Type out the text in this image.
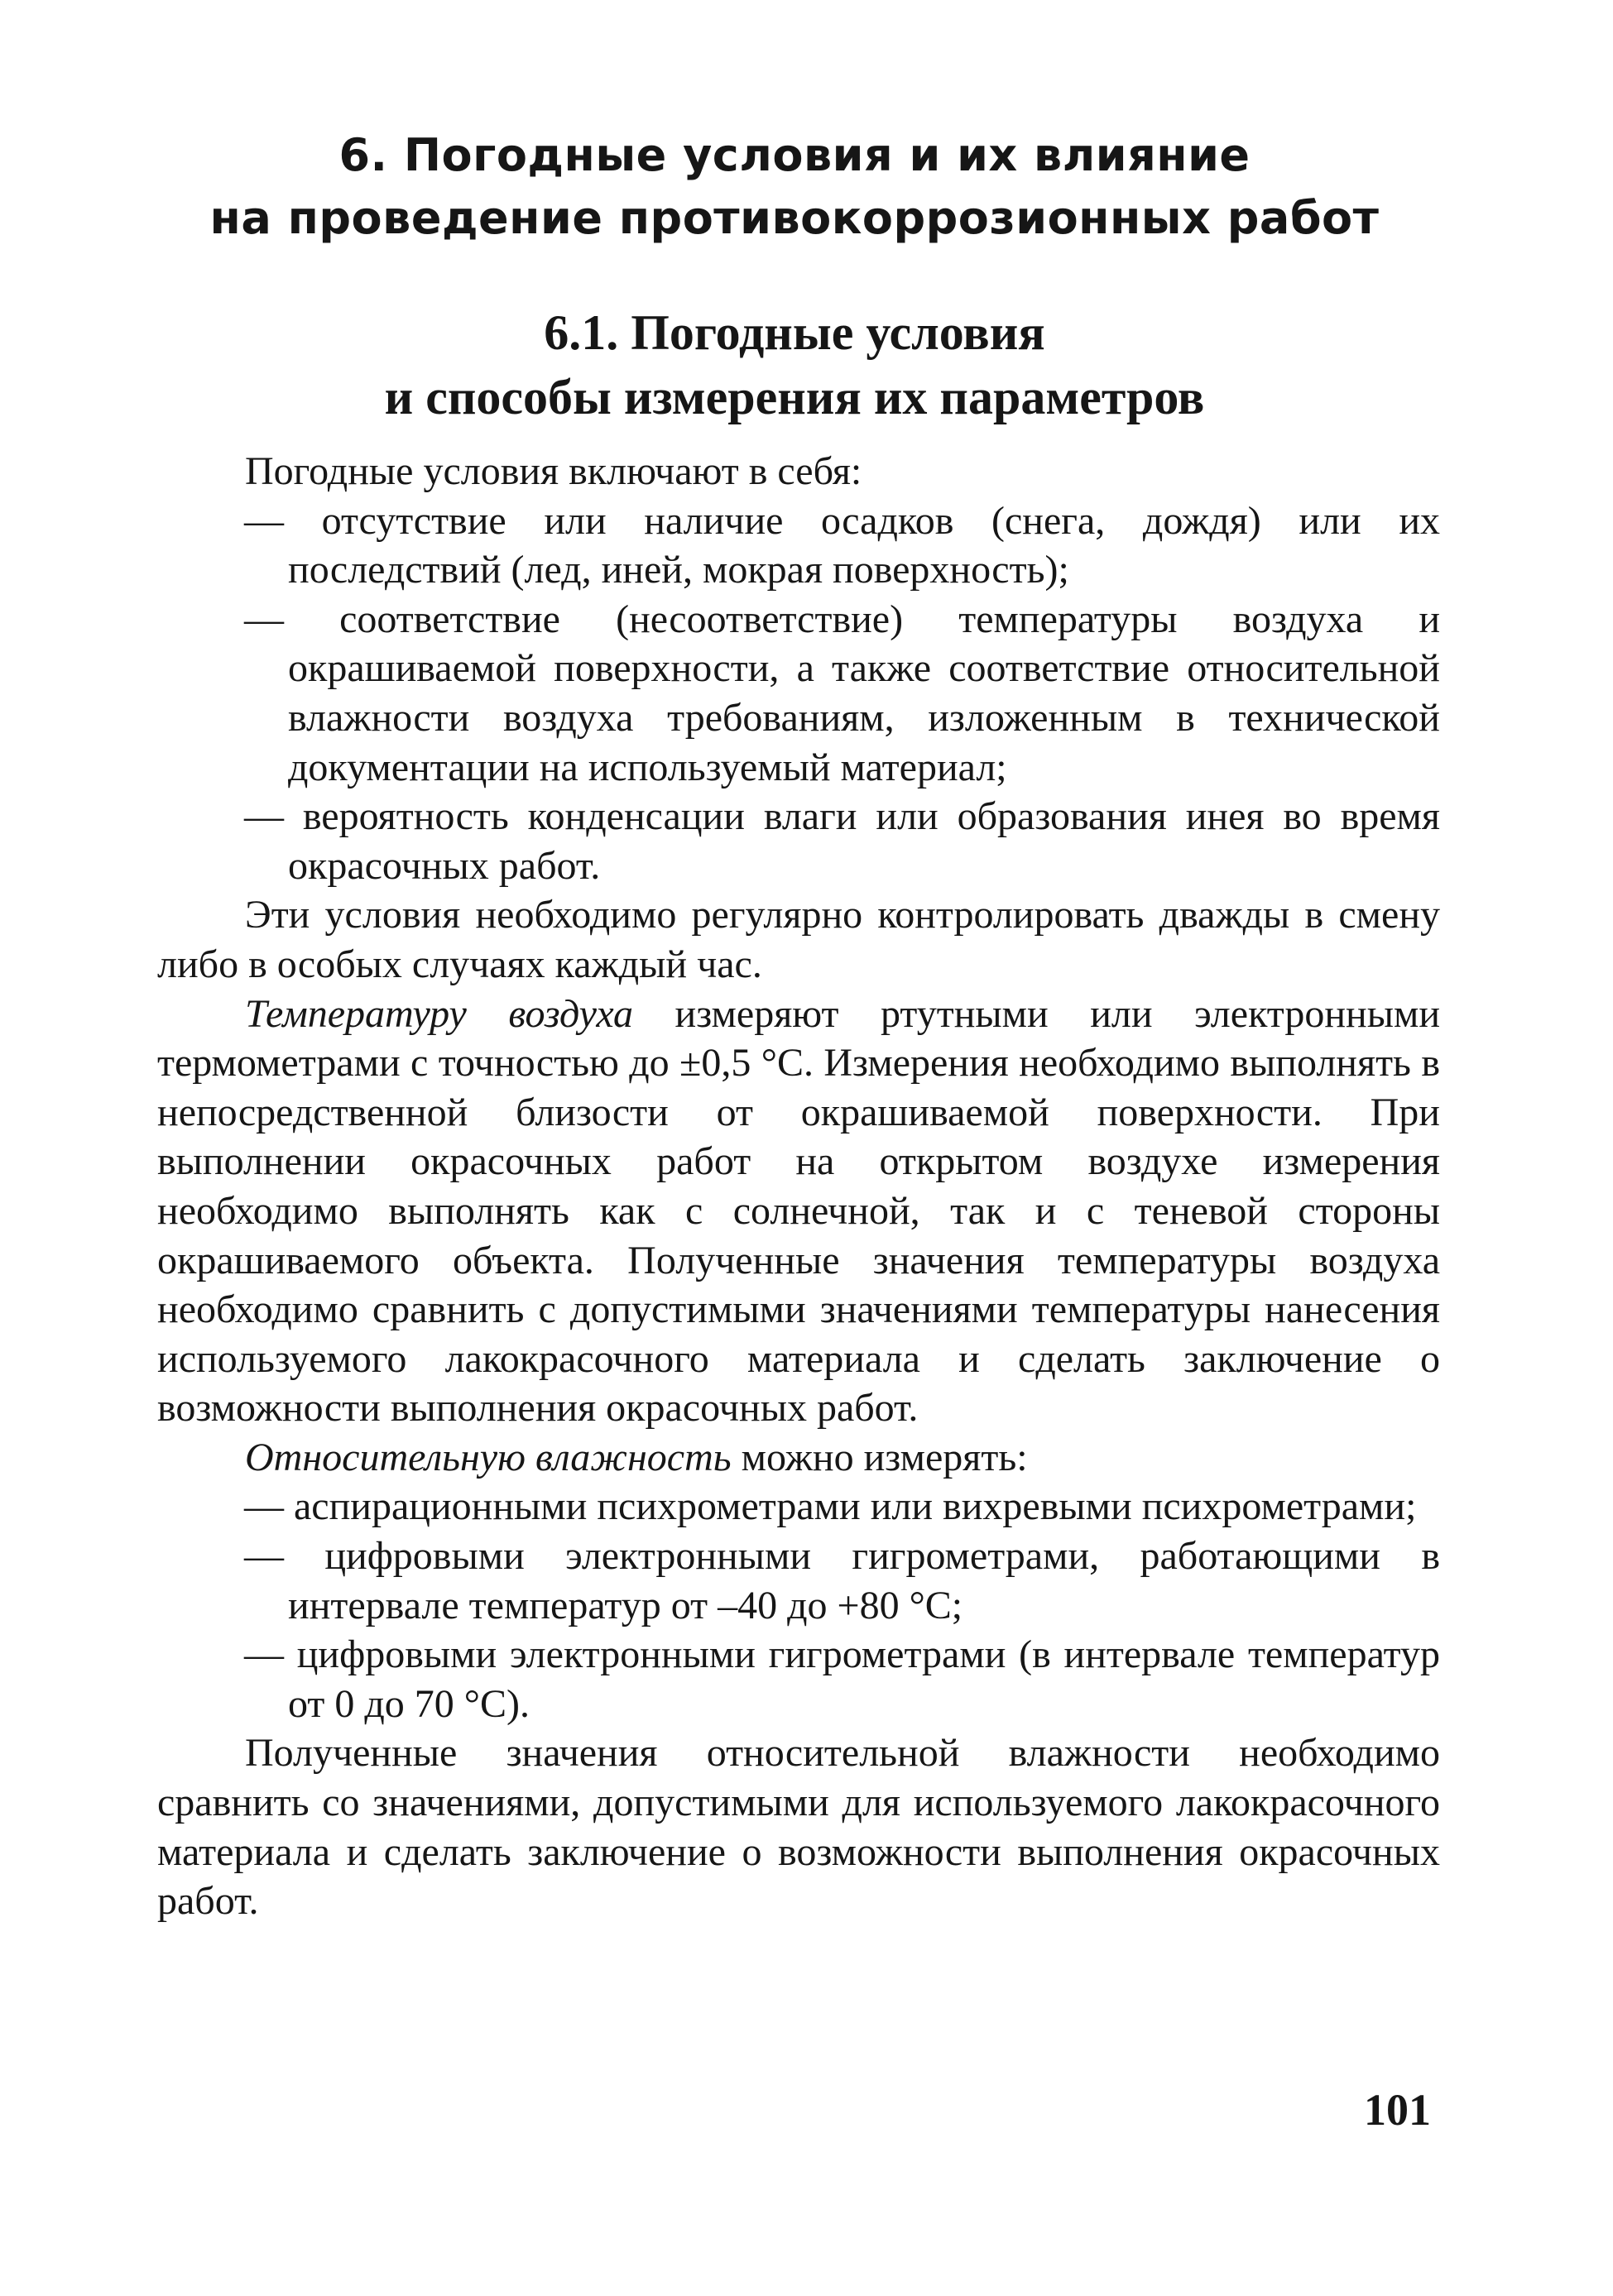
6. Погодные условия и их влияние
на проведение противокоррозионных работ
6.1. Погодные условия
и способы измерения их параметров

Погодные условия включают в себя:

— отсутствие или наличие осадков (снега, дождя) или их последствий (лед, иней, мокрая поверхность);

— соответствие (несоответствие) температуры воздуха и окрашиваемой поверхности, а также соответствие относительной влажности воздуха требованиям, изложенным в технической документации на используемый материал;

— вероятность конденсации влаги или образования инея во время окрасочных работ.

Эти условия необходимо регулярно контролировать дважды в смену либо в особых случаях каждый час.

Температуру воздуха измеряют ртутными или электронными термометрами с точностью до ±0,5 °С. Измерения необходимо выполнять в непосредственной близости от окрашиваемой поверхности. При выполнении окрасочных работ на открытом воздухе измерения необходимо выполнять как с солнечной, так и с теневой стороны окрашиваемого объекта. Полученные значения температуры воздуха необходимо сравнить с допустимыми значениями температуры нанесения используемого лакокрасочного материала и сделать заключение о возможности выполнения окрасочных работ.

Относительную влажность можно измерять:

— аспирационными психрометрами или вихревыми психрометрами;

— цифровыми электронными гигрометрами, работающими в интервале температур от –40 до +80 °С;

— цифровыми электронными гигрометрами (в интервале температур от 0 до 70 °С).

Полученные значения относительной влажности необходимо сравнить со значениями, допустимыми для используемого лакокрасочного материала и сделать заключение о возможности выполнения окрасочных работ.

101
